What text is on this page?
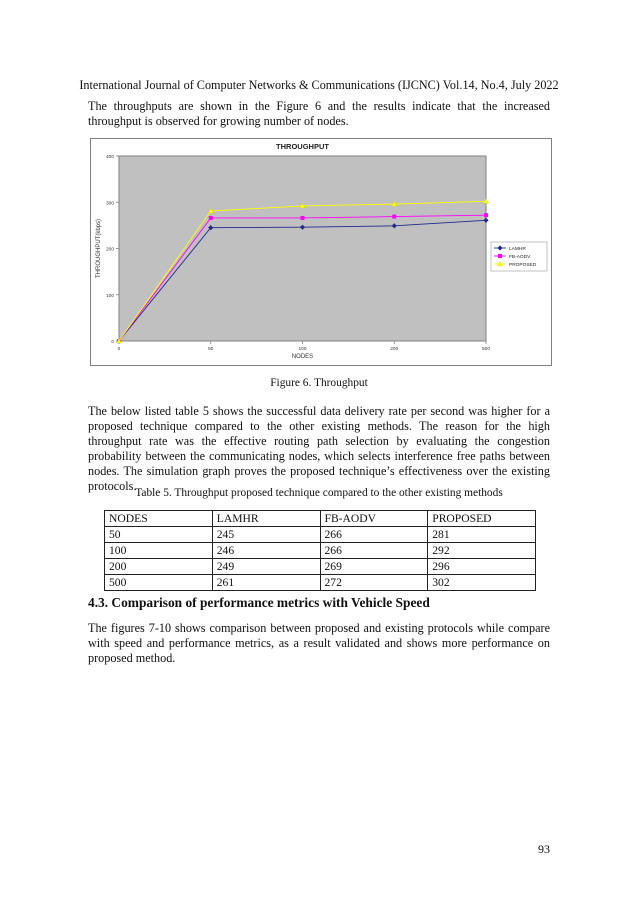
International Journal of Computer Networks & Communications (IJCNC) Vol.14, No.4, July 2022

The throughputs are shown in the Figure 6 and the results indicate that the increased throughput is observed for growing number of nodes.

THROUGHPUT
0
100
200
300
400
0	50	100	200	500
NODES
THROUGHPUT(kbps)	LAMHR
FB-AODV
PROPOSED
Figure 6. Throughput

The below listed table 5 shows the successful data delivery rate per second was higher for a proposed technique compared to the other existing methods. The reason for the high throughput rate was the effective routing path selection by evaluating the congestion probability between the communicating nodes, which selects interference free paths between nodes. The simulation graph proves the proposed technique’s effectiveness over the existing protocols.

Table 5. Throughput proposed technique compared to the other existing methods
NODES	LAMHR	FB-AODV	PROPOSED
50	245	266	281
100	246	266	292
200	249	269	296
500	261	272	302
4.3. Comparison of performance metrics with Vehicle Speed

The figures 7-10 shows comparison between proposed and existing protocols while compare with speed and performance metrics, as a result validated and shows more performance on proposed method.

93
